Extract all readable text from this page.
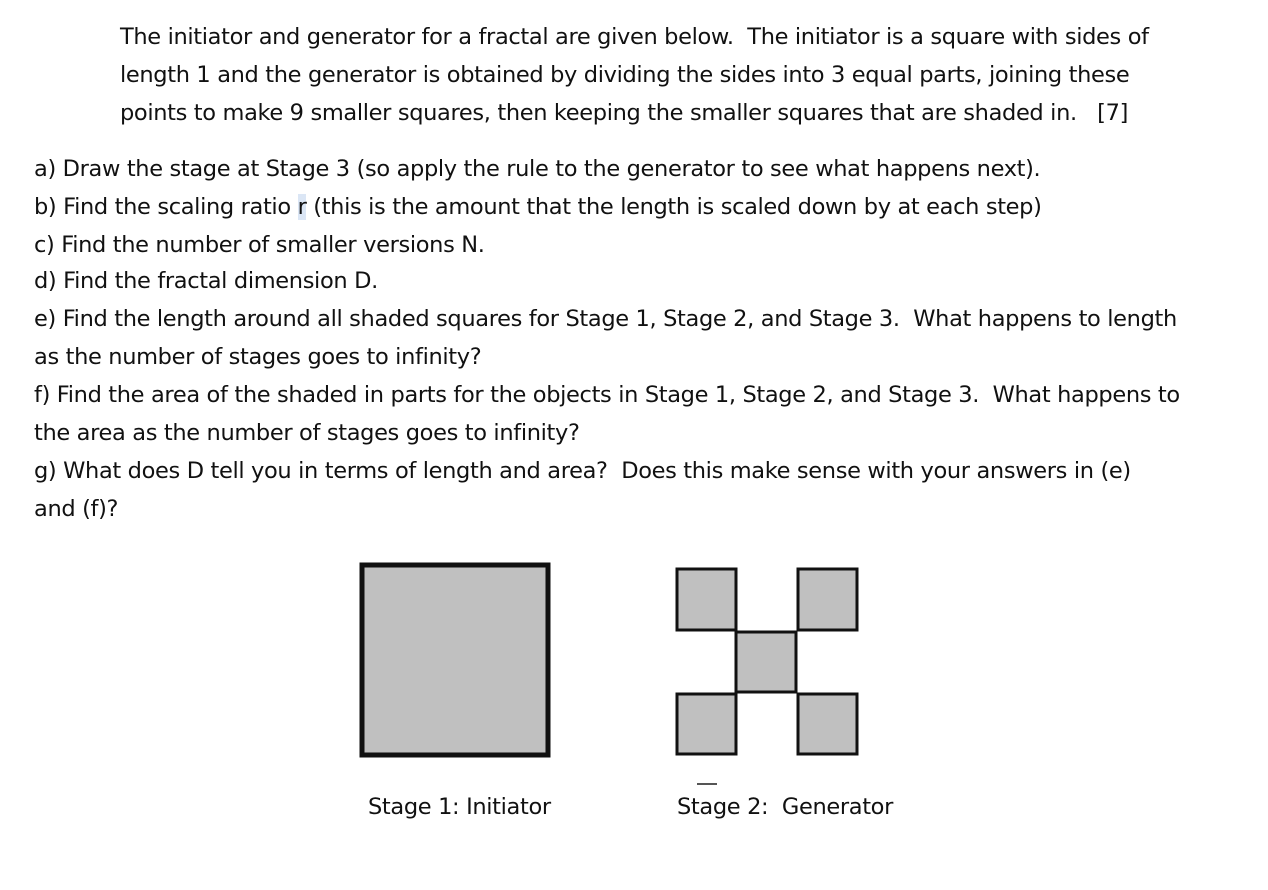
The initiator and generator for a fractal are given below.  The initiator is a square with sides of
length 1 and the generator is obtained by dividing the sides into 3 equal parts, joining these
points to make 9 smaller squares, then keeping the smaller squares that are shaded in.   [7]
a) Draw the stage at Stage 3 (so apply the rule to the generator to see what happens next).
b) Find the scaling ratio r (this is the amount that the length is scaled down by at each step)
c) Find the number of smaller versions N.
d) Find the fractal dimension D.
e) Find the length around all shaded squares for Stage 1, Stage 2, and Stage 3.  What happens to length
as the number of stages goes to infinity?
f) Find the area of the shaded in parts for the objects in Stage 1, Stage 2, and Stage 3.  What happens to
the area as the number of stages goes to infinity?
g) What does D tell you in terms of length and area?  Does this make sense with your answers in (e)
and (f)?
Stage 1: Initiator	Stage 2:  Generator
